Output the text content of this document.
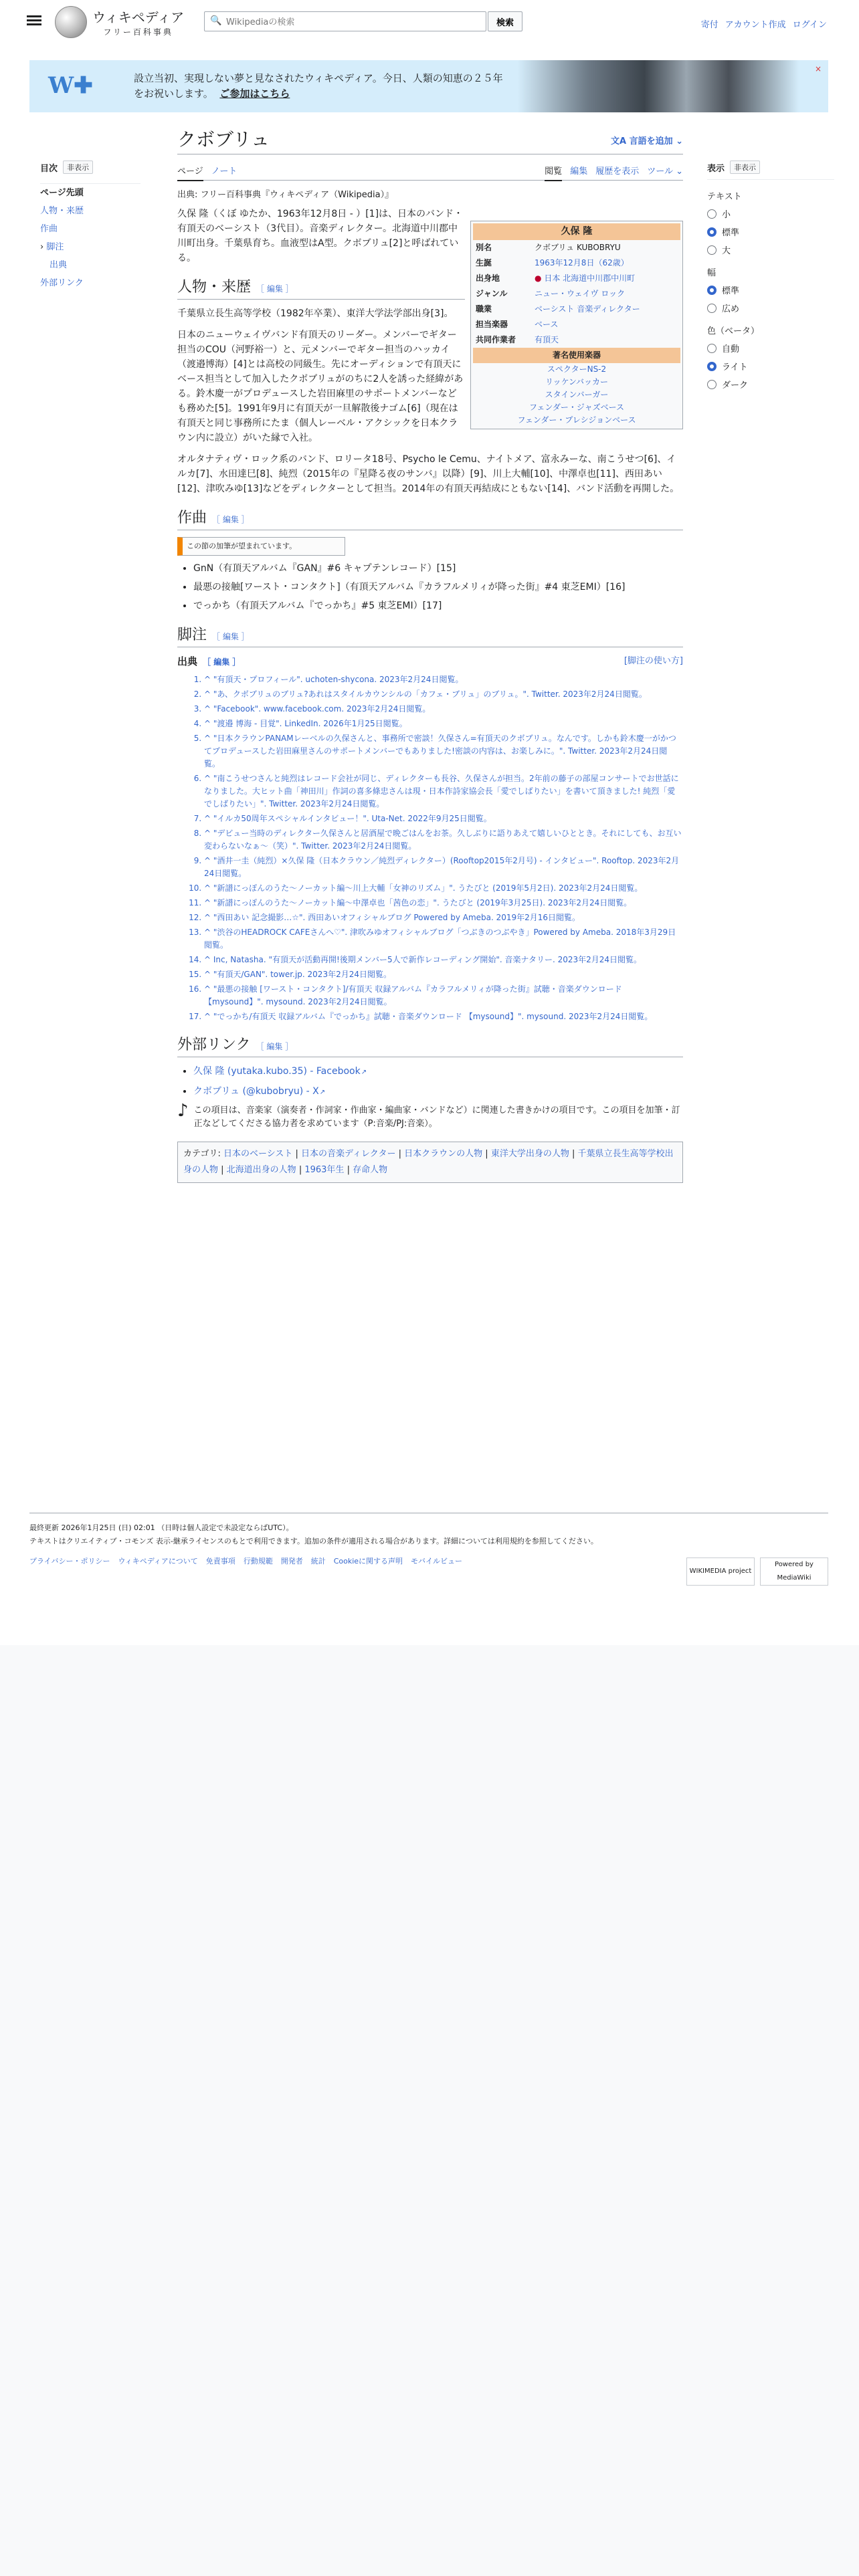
ウィキペディア
フリー百科事典
🔍
Wikipediaの検索	検索	寄付 アカウント作成 ログイン
W✚	設立当初、実現しない夢と見なされたウィキペディア。今日、人類の知恵の２５年をお祝いします。 ご参加はこちら
×
目次	非表示
ページ先頭
人物・来歴
作曲
› 脚注
出典
外部リンク
クボブリュ	文A 言語を追加 ⌄
ページ ノート	閲覧 編集 履歴を表示 ツール ⌄
出典: フリー百科事典『ウィキペディア（Wikipedia）』
久保 隆
別名	クボブリュ KUBOBRYU
生誕	1963年12月8日（62歳）
出身地	● 日本 北海道中川郡中川町
ジャンル	ニュー・ウェイヴ ロック
職業	ベーシスト 音楽ディレクター
担当楽器	ベース
共同作業者	有頂天
著名使用楽器
スペクターNS-2
リッケンバッカー
スタインバーガー
フェンダー・ジャズベース
フェンダー・プレシジョンベース

久保 隆（くぼ ゆたか、1963年12月8日 - ）[1]は、日本のバンド・有頂天のベーシスト（3代目）。音楽ディレクター。北海道中川郡中川町出身。千葉県育ち。血液型はA型。クボブリュ[2]と呼ばれている。

人物・来歴 ［ 編集 ］

千葉県立長生高等学校（1982年卒業）、東洋大学法学部出身[3]。

日本のニューウェイヴバンド有頂天のリーダー。メンバーでギター担当のCOU（河野裕一）と、元メンバーでギター担当のハッカイ（渡邉博海）[4]とは高校の同級生。先にオーディションで有頂天にベース担当として加入したクボブリュがのちに2人を誘った経緯がある。鈴木慶一がプロデュースした岩田麻里のサポートメンバーなども務めた[5]。1991年9月に有頂天が一旦解散後ナゴム[6]（現在は有頂天と同じ事務所にたま（個人レーベル・アクシックを日本クラウン内に設立）がいた縁で入社。

オルタナティヴ・ロック系のバンド、ロリータ18号、Psycho le Cemu、ナイトメア、富永みーな、南こうせつ[6]、イルカ[7]、水田達巳[8]、純烈（2015年の『星降る夜のサンバ』以降）[9]、川上大輔[10]、中澤卓也[11]、西田あい[12]、津吹みゆ[13]などをディレクターとして担当。2014年の有頂天再結成にともない[14]、バンド活動を再開した。

作曲 ［ 編集 ］
この節の加筆が望まれています。
• GnN（有頂天アルバム『GAN』#6 キャプテンレコード）[15]
• 最悪の接触[ワースト・コンタクト]（有頂天アルバム『カラフルメリィが降った街』#4 東芝EMI）[16]
• でっかち（有頂天アルバム『でっかち』#5 東芝EMI）[17]
脚注 ［ 編集 ］
[脚注の使い方]
出典 ［ 編集 ］
1. ^ "有頂天・プロフィール". uchoten-shycona. 2023年2月24日閲覧。
2. ^ "あ、クボブリュのブリュ?あれはスタイルカウンシルの「カフェ・ブリュ」のブリュ。". Twitter. 2023年2月24日閲覧。
3. ^ "Facebook". www.facebook.com. 2023年2月24日閲覧。
4. ^ "渡邉 博海 - 目覚". LinkedIn. 2026年1月25日閲覧。
5. ^ "日本クラウンPANAMレーベルの久保さんと、事務所で密談！久保さん=有頂天のクボブリュ。なんです。しかも鈴木慶一がかつてプロデュースした岩田麻里さんのサポートメンバーでもありました!密談の内容は、お楽しみに。". Twitter. 2023年2月24日閲覧。
6. ^ "南こうせつさんと純烈はレコード会社が同じ、ディレクターも長谷、久保さんが担当。2年前の藤子の部屋コンサートでお世話になりました。大ヒット曲「神田川」作詞の喜多條忠さんは現・日本作詩家協会長「愛でしばりたい」を書いて頂きました! 純烈「愛でしばりたい」". Twitter. 2023年2月24日閲覧。
7. ^ "イルカ50周年スペシャルインタビュー！". Uta-Net. 2022年9月25日閲覧。
8. ^ "デビュー当時のディレクター久保さんと居酒屋で晩ごはんをお茶。久しぶりに語りあえて嬉しいひととき。それにしても、お互い変わらないなぁ〜（笑）". Twitter. 2023年2月24日閲覧。
9. ^ "酒井一圭（純烈）×久保 隆（日本クラウン／純烈ディレクター）(Rooftop2015年2月号) - インタビュー". Rooftop. 2023年2月24日閲覧。
10. ^ "新譜にっぽんのうた〜ノーカット編〜川上大輔「女神のリズム」". うたびと (2019年5月2日). 2023年2月24日閲覧。
11. ^ "新譜にっぽんのうた〜ノーカット編〜中澤卓也「茜色の恋」". うたびと (2019年3月25日). 2023年2月24日閲覧。
12. ^ "西田あい 記念撮影…☆". 西田あいオフィシャルブログ Powered by Ameba. 2019年2月16日閲覧。
13. ^ "渋谷のHEADROCK CAFEさんへ♡". 津吹みゆオフィシャルブログ「つぶきのつぶやき」Powered by Ameba. 2018年3月29日閲覧。
14. ^ Inc, Natasha. "有頂天が活動再開!後期メンバー5人で新作レコーディング開始". 音楽ナタリー. 2023年2月24日閲覧。
15. ^ "有頂天/GAN". tower.jp. 2023年2月24日閲覧。
16. ^ "最悪の接触 [ワースト・コンタクト]/有頂天 収録アルバム『カラフルメリィが降った街』試聴・音楽ダウンロード 【mysound】". mysound. 2023年2月24日閲覧。
17. ^ "でっかち/有頂天 収録アルバム『でっかち』試聴・音楽ダウンロード 【mysound】". mysound. 2023年2月24日閲覧。
外部リンク ［ 編集 ］
• 久保 隆 (yutaka.kubo.35) - Facebook ↗
• クボブリュ (@kubobryu) - X ↗
♪ この項目は、音楽家（演奏者・作詞家・作曲家・編曲家・バンドなど）に関連した書きかけの項目です。この項目を加筆・訂正などしてくださる協力者を求めています（P:音楽/PJ:音楽）。
カテゴリ: 日本のベーシスト | 日本の音楽ディレクター | 日本クラウンの人物 | 東洋大学出身の人物 | 千葉県立長生高等学校出身の人物 | 北海道出身の人物 | 1963年生 | 存命人物
表示	非表示
テキスト
小
標準
大
幅
標準
広め
色（ベータ）
自動
ライト
ダーク
最終更新 2026年1月25日 (日) 02:01 （日時は個人設定で未設定ならばUTC）。
テキストはクリエイティブ・コモンズ 表示-継承ライセンスのもとで利用できます。追加の条件が適用される場合があります。詳細については利用規約を参照してください。
プライバシー・ポリシー ウィキペディアについて 免責事項 行動規範 開発者 統計 Cookieに関する声明 モバイルビュー
WIKIMEDIA project
Powered by MediaWiki
